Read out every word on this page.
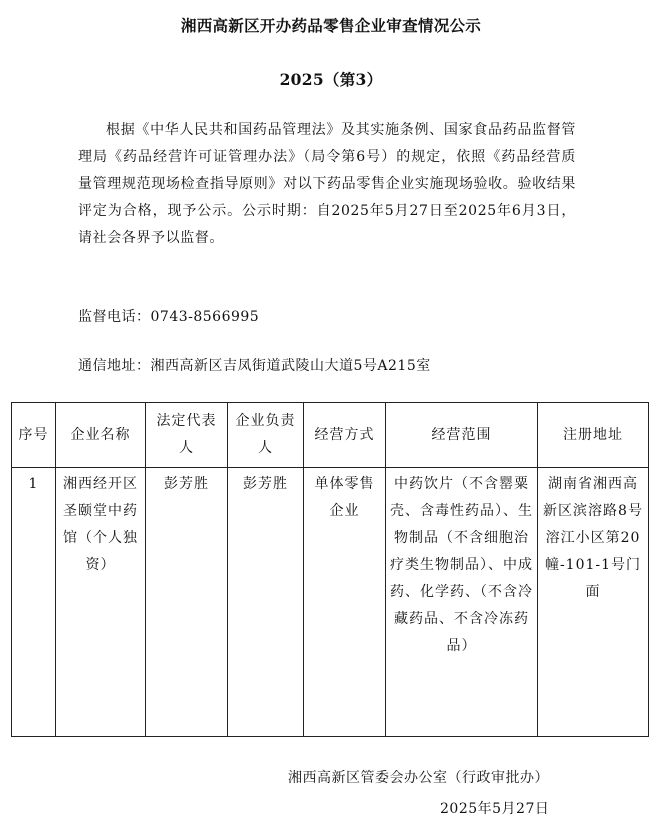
湘西高新区开办药品零售企业审查情况公示
2025（第3）
根据《中华人民共和国药品管理法》及其实施条例、国家食品药品监督管理局《药品经营许可证管理办法》（局令第6号）的规定，依照《药品经营质量管理规范现场检查指导原则》对以下药品零售企业实施现场验收。验收结果评定为合格，现予公示。公示时期：自2025年5月27日至2025年6月3日，请社会各界予以监督。
监督电话：0743-8566995
通信地址：湘西高新区吉凤街道武陵山大道5号A215室
序号	企业名称	法定代表人	企业负责人	经营方式	经营范围	注册地址
1	湘西经开区圣颐堂中药馆（个人独资）	彭芳胜	彭芳胜	单体零售企业	中药饮片（不含罂粟壳、含毒性药品）、生物制品（不含细胞治疗类生物制品）、中成药、化学药、（不含冷藏药品、不含冷冻药品）	湖南省湘西高新区滨溶路8号溶江小区第20幢-101-1号门面
湘西高新区管委会办公室（行政审批办）
2025年5月27日
